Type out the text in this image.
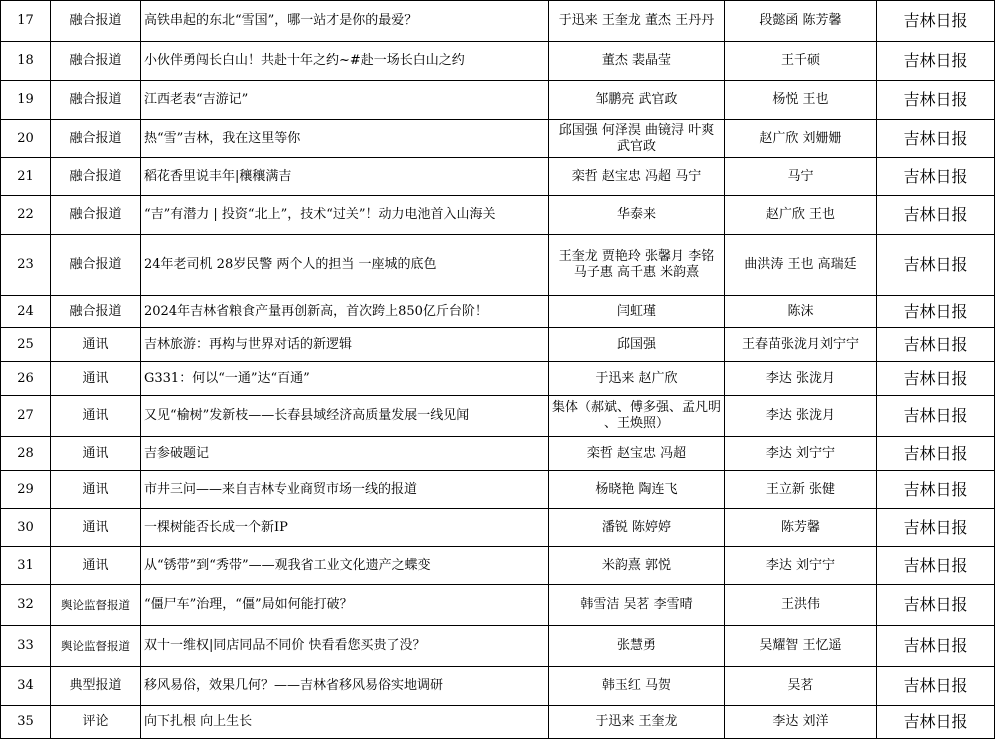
17	融合报道	高铁串起的东北“雪国”，哪一站才是你的最爱？	于迅来 王奎龙 董杰 王丹丹	段懿函 陈芳馨	吉林日报
18	融合报道	小伙伴勇闯长白山！共赴十年之约~#赴一场长白山之约	董杰 裴晶莹	王千硕	吉林日报
19	融合报道	江西老表“吉游记”	邹鹏亮 武官政	杨悦 王也	吉林日报
20	融合报道	热“雪”吉林，我在这里等你	邱国强 何泽淏 曲镜浔 叶爽 武官政	赵广欣 刘姗姗	吉林日报
21	融合报道	稻花香里说丰年|穰穰满吉	栾哲 赵宝忠 冯超 马宁	马宁	吉林日报
22	融合报道	“吉”有潜力 | 投资“北上”，技术“过关”！动力电池首入山海关	华泰来	赵广欣 王也	吉林日报
23	融合报道	24年老司机 28岁民警 两个人的担当 一座城的底色	王奎龙 贾艳玲 张馨月 李铭 马子惠 高千惠 米韵熹	曲洪涛 王也 高瑞廷	吉林日报
24	融合报道	2024年吉林省粮食产量再创新高，首次跨上850亿斤台阶！	闫虹瑾	陈沫	吉林日报
25	通讯	吉林旅游：再构与世界对话的新逻辑	邱国强	王春苗张泷月刘宁宁	吉林日报
26	通讯	G331：何以“一通”达“百通”	于迅来 赵广欣	李达 张泷月	吉林日报
27	通讯	又见“榆树”发新枝——长春县域经济高质量发展一线见闻	集体（郝斌、傅多强、孟凡明 、王焕照）	李达 张泷月	吉林日报
28	通讯	吉参破题记	栾哲 赵宝忠 冯超	李达 刘宁宁	吉林日报
29	通讯	市井三问——来自吉林专业商贸市场一线的报道	杨晓艳 陶连飞	王立新 张健	吉林日报
30	通讯	一棵树能否长成一个新IP	潘锐 陈婷婷	陈芳馨	吉林日报
31	通讯	从“锈带”到“秀带”——观我省工业文化遗产之蝶变	米韵熹 郭悦	李达 刘宁宁	吉林日报
32	舆论监督报道	“僵尸车”治理，“僵”局如何能打破？	韩雪洁 吴茗 李雪晴	王洪伟	吉林日报
33	舆论监督报道	双十一维权|同店同品不同价 快看看您买贵了没？	张慧勇	吴耀智 王忆遥	吉林日报
34	典型报道	移风易俗，效果几何？——吉林省移风易俗实地调研	韩玉红 马贺	吴茗	吉林日报
35	评论	向下扎根 向上生长	于迅来 王奎龙	李达 刘洋	吉林日报
